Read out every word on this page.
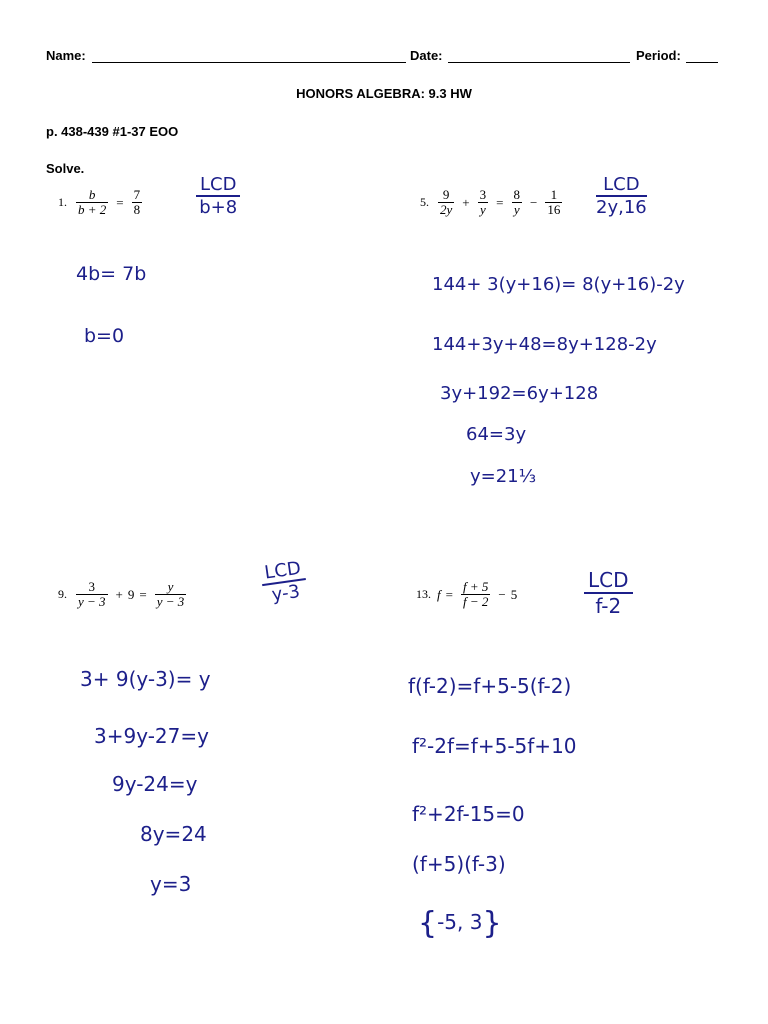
Name:	Date:	Period:
HONORS ALGEBRA: 9.3 HW
p. 438-439 #1-37 EOO
Solve.
1. $\frac{b}{b + 2} = \frac{7}{8}$
LCD
b+8
4b= 7b
b=0
5. $\frac{9}{2y} + \frac{3}{y} = \frac{8}{y} - \frac{1}{16}$
LCD
2y,16
144+ 3(y+16)= 8(y+16)-2y
144+3y+48=8y+128-2y
3y+192=6y+128
64=3y
y=21⅓
9. $\frac{3}{y - 3} + 9 = \frac{y}{y - 3}$
LCD
y-3
3+ 9(y-3)= y
3+9y-27=y
9y-24=y
8y=24
y=3
13. $f = \frac{f + 5}{f - 2} - 5$
LCD
f-2
f(f-2)=f+5-5(f-2)
f²-2f=f+5-5f+10
f²+2f-15=0
(f+5)(f-3)
{-5, 3}
